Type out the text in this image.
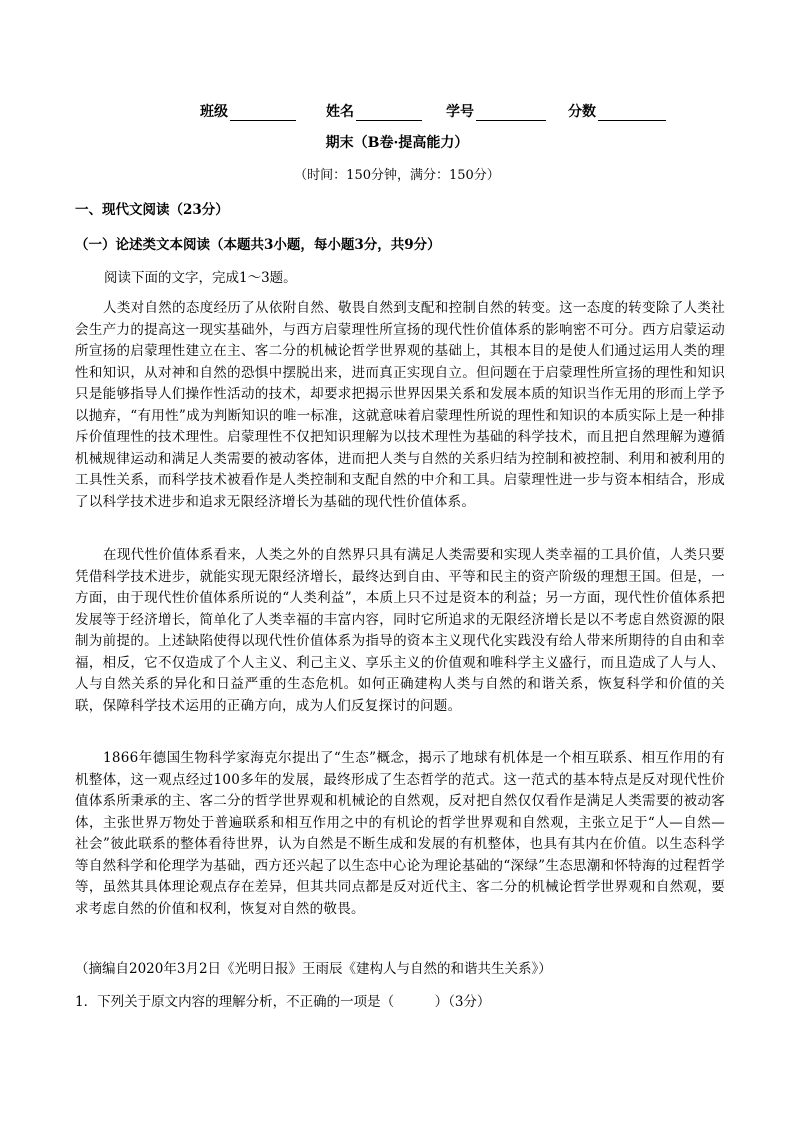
班级	姓名	学号	分数
期末（B卷·提高能力）
（时间：150分钟，满分：150分）
一、现代文阅读（23分）
（一）论述类文本阅读（本题共3小题，每小题3分，共9分）
阅读下面的文字，完成1～3题。

人类对自然的态度经历了从依附自然、敬畏自然到支配和控制自然的转变。这一态度的转变除了人类社会生产力的提高这一现实基础外，与西方启蒙理性所宣扬的现代性价值体系的影响密不可分。西方启蒙运动所宣扬的启蒙理性建立在主、客二分的机械论哲学世界观的基础上，其根本目的是使人们通过运用人类的理性和知识，从对神和自然的恐惧中摆脱出来，进而真正实现自立。但问题在于启蒙理性所宣扬的理性和知识只是能够指导人们操作性活动的技术，却要求把揭示世界因果关系和发展本质的知识当作无用的形而上学予以抛弃，“有用性”成为判断知识的唯一标准，这就意味着启蒙理性所说的理性和知识的本质实际上是一种排斥价值理性的技术理性。启蒙理性不仅把知识理解为以技术理性为基础的科学技术，而且把自然理解为遵循机械规律运动和满足人类需要的被动客体，进而把人类与自然的关系归结为控制和被控制、利用和被利用的工具性关系，而科学技术被看作是人类控制和支配自然的中介和工具。启蒙理性进一步与资本相结合，形成了以科学技术进步和追求无限经济增长为基础的现代性价值体系。

在现代性价值体系看来，人类之外的自然界只具有满足人类需要和实现人类幸福的工具价值，人类只要凭借科学技术进步，就能实现无限经济增长，最终达到自由、平等和民主的资产阶级的理想王国。但是，一方面，由于现代性价值体系所说的“人类利益”，本质上只不过是资本的利益；另一方面，现代性价值体系把发展等于经济增长，简单化了人类幸福的丰富内容，同时它所追求的无限经济增长是以不考虑自然资源的限制为前提的。上述缺陷使得以现代性价值体系为指导的资本主义现代化实践没有给人带来所期待的自由和幸福，相反，它不仅造成了个人主义、利己主义、享乐主义的价值观和唯科学主义盛行，而且造成了人与人、人与自然关系的异化和日益严重的生态危机。如何正确建构人类与自然的和谐关系，恢复科学和价值的关联，保障科学技术运用的正确方向，成为人们反复探讨的问题。

1866年德国生物科学家海克尔提出了“生态”概念，揭示了地球有机体是一个相互联系、相互作用的有机整体，这一观点经过100多年的发展，最终形成了生态哲学的范式。这一范式的基本特点是反对现代性价值体系所秉承的主、客二分的哲学世界观和机械论的自然观，反对把自然仅仅看作是满足人类需要的被动客体，主张世界万物处于普遍联系和相互作用之中的有机论的哲学世界观和自然观，主张立足于“人—自然—社会”彼此联系的整体看待世界，认为自然是不断生成和发展的有机整体，也具有其内在价值。以生态科学等自然科学和伦理学为基础，西方还兴起了以生态中心论为理论基础的“深绿”生态思潮和怀特海的过程哲学等，虽然其具体理论观点存在差异，但其共同点都是反对近代主、客二分的机械论哲学世界观和自然观，要求考虑自然的价值和权利，恢复对自然的敬畏。

（摘编自2020年3月2日《光明日报》王雨辰《建构人与自然的和谐共生关系》）
1．下列关于原文内容的理解分析，不正确的一项是（　　　）（3分）
